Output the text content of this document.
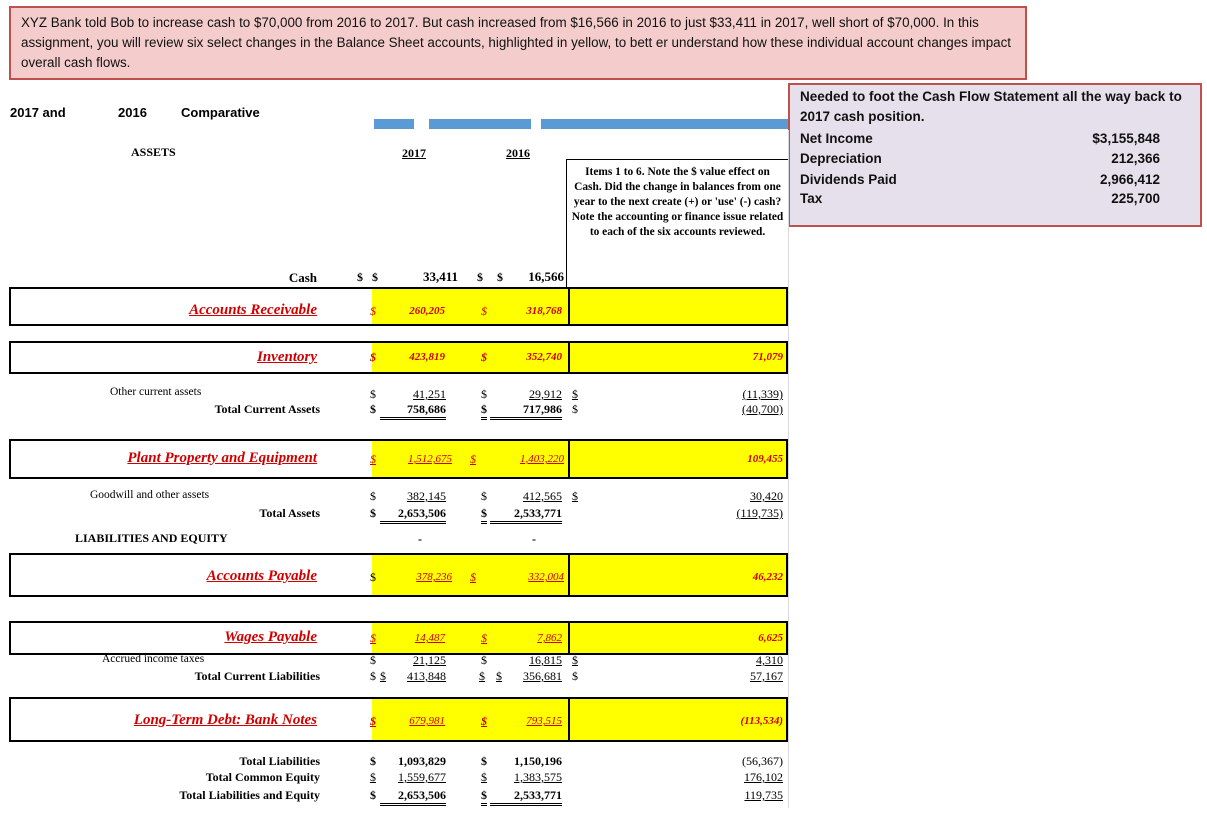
XYZ Bank told Bob to increase cash to $70,000 from 2016 to 2017. But cash increased from $16,566 in 2016 to just $33,411 in 2017, well short of $70,000. In this assignment, you will review six select changes in the Balance Sheet accounts, highlighted in yellow, to bett er understand how these individual account changes impact overall cash flows.
2017 and	2016	Comparative
ASSETS	2017	2016
Items 1 to 6. Note the $ value effect on Cash. Did the change in balances from one year to the next create (+) or 'use' (-) cash? Note the accounting or finance issue related to each of the six accounts reviewed.
Needed to foot the Cash Flow Statement all the way back to 2017 cash position.
Net Income	$3,155,848
Depreciation	212,366
Dividends Paid	2,966,412
Tax	225,700
Cash	$ $	33,411 $ $	16,566
Accounts Receivable	$	260,205	$	318,768
Inventory	$	423,819	$	352,740	71,079
Other current assets	$	41,251	$	29,912 $	(11,339)
Total Current Assets	$	758,686	$	717,986 $	(40,700)
Plant Property and Equipment	$	1,512,675 $	1,403,220	109,455
Goodwill and other assets	$	382,145	$	412,565 $	30,420
Total Assets	$	2,653,506	$	2,533,771	(119,735)
LIABILITIES AND EQUITY	-	-
Accounts Payable	$	378,236 $	332,004	46,232
Wages Payable	$	14,487	$	7,862	6,625
Accrued income taxes	$	21,125	$	16,815 $	4,310
Total Current Liabilities	$ $	413,848	$ $	356,681 $	57,167
Long-Term Debt: Bank Notes	$	679,981	$	793,515	(113,534)
Total Liabilities	$	1,093,829	$	1,150,196	(56,367)
Total Common Equity	$	1,559,677	$	1,383,575	176,102
Total Liabilities and Equity	$	2,653,506	$	2,533,771	119,735
